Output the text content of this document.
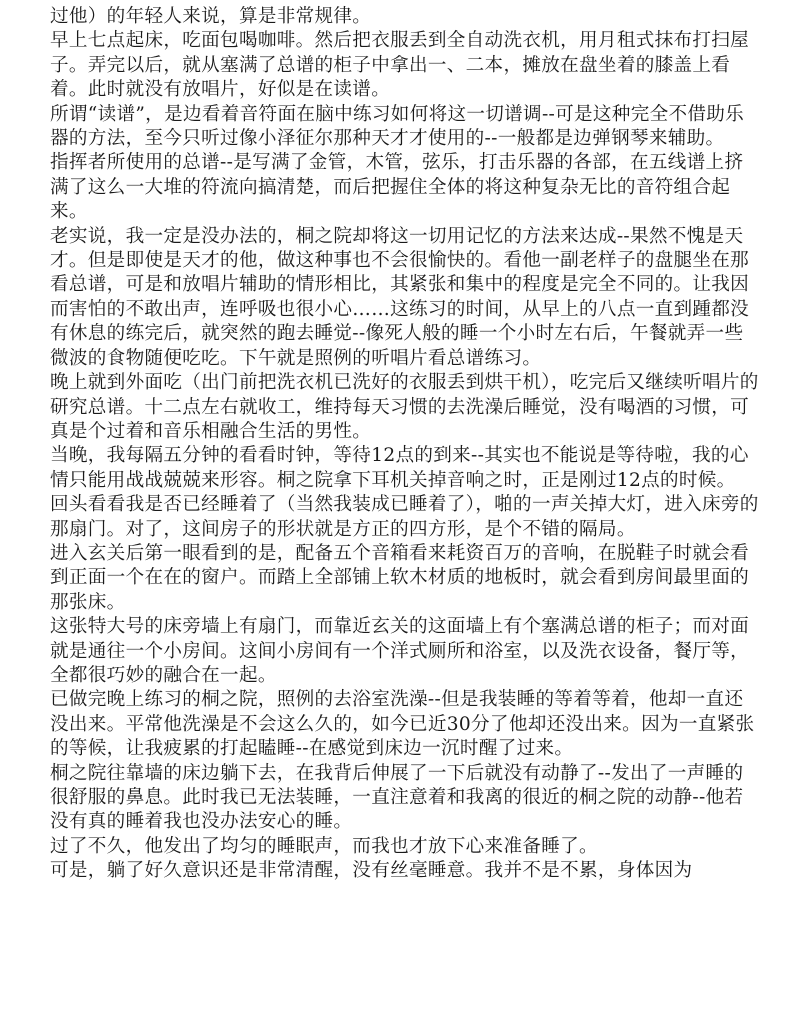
过他）的年轻人来说，算是非常规律。

早上七点起床，吃面包喝咖啡。然后把衣服丢到全自动洗衣机，用月租式抹布打扫屋子。弄完以后，就从塞满了总谱的柜子中拿出一、二本，摊放在盘坐着的膝盖上看着。此时就没有放唱片，好似是在读谱。

所谓“读谱”，是边看着音符面在脑中练习如何将这一切谱调--可是这种完全不借助乐器的方法，至今只听过像小泽征尔那种天才才使用的--一般都是边弹钢琴来辅助。

指挥者所使用的总谱--是写满了金管，木管，弦乐，打击乐器的各部，在五线谱上挤满了这么一大堆的符流向搞清楚，而后把握住全体的将这种复杂无比的音符组合起来。

老实说，我一定是没办法的，桐之院却将这一切用记忆的方法来达成--果然不愧是天才。但是即使是天才的他，做这种事也不会很愉快的。看他一副老样子的盘腿坐在那看总谱，可是和放唱片辅助的情形相比，其紧张和集中的程度是完全不同的。让我因而害怕的不敢出声，连呼吸也很小心……这练习的时间，从早上的八点一直到踵都没有休息的练完后，就突然的跑去睡觉--像死人般的睡一个小时左右后，午餐就弄一些微波的食物随便吃吃。下午就是照例的听唱片看总谱练习。

晚上就到外面吃（出门前把洗衣机已洗好的衣服丢到烘干机），吃完后又继续听唱片的研究总谱。十二点左右就收工，维持每天习惯的去洗澡后睡觉，没有喝酒的习惯，可真是个过着和音乐相融合生活的男性。

当晚，我每隔五分钟的看看时钟，等待12点的到来--其实也不能说是等待啦，我的心情只能用战战兢兢来形容。桐之院拿下耳机关掉音响之时，正是刚过12点的时候。

回头看看我是否已经睡着了（当然我装成已睡着了），啪的一声关掉大灯，进入床旁的那扇门。对了，这间房子的形状就是方正的四方形，是个不错的隔局。

进入玄关后第一眼看到的是，配备五个音箱看来耗资百万的音响，在脱鞋子时就会看到正面一个在在的窗户。而踏上全部铺上软木材质的地板时，就会看到房间最里面的那张床。

这张特大号的床旁墙上有扇门，而靠近玄关的这面墙上有个塞满总谱的柜子；而对面就是通往一个小房间。这间小房间有一个洋式厕所和浴室，以及洗衣设备，餐厅等，全都很巧妙的融合在一起。

已做完晚上练习的桐之院，照例的去浴室洗澡--但是我装睡的等着等着，他却一直还没出来。平常他洗澡是不会这么久的，如今已近30分了他却还没出来。因为一直紧张的等候，让我疲累的打起瞌睡--在感觉到床边一沉时醒了过来。

桐之院往靠墙的床边躺下去，在我背后伸展了一下后就没有动静了--发出了一声睡的很舒服的鼻息。此时我已无法装睡，一直注意着和我离的很近的桐之院的动静--他若没有真的睡着我也没办法安心的睡。

过了不久，他发出了均匀的睡眠声，而我也才放下心来准备睡了。

可是，躺了好久意识还是非常清醒，没有丝毫睡意。我并不是不累，身体因为
